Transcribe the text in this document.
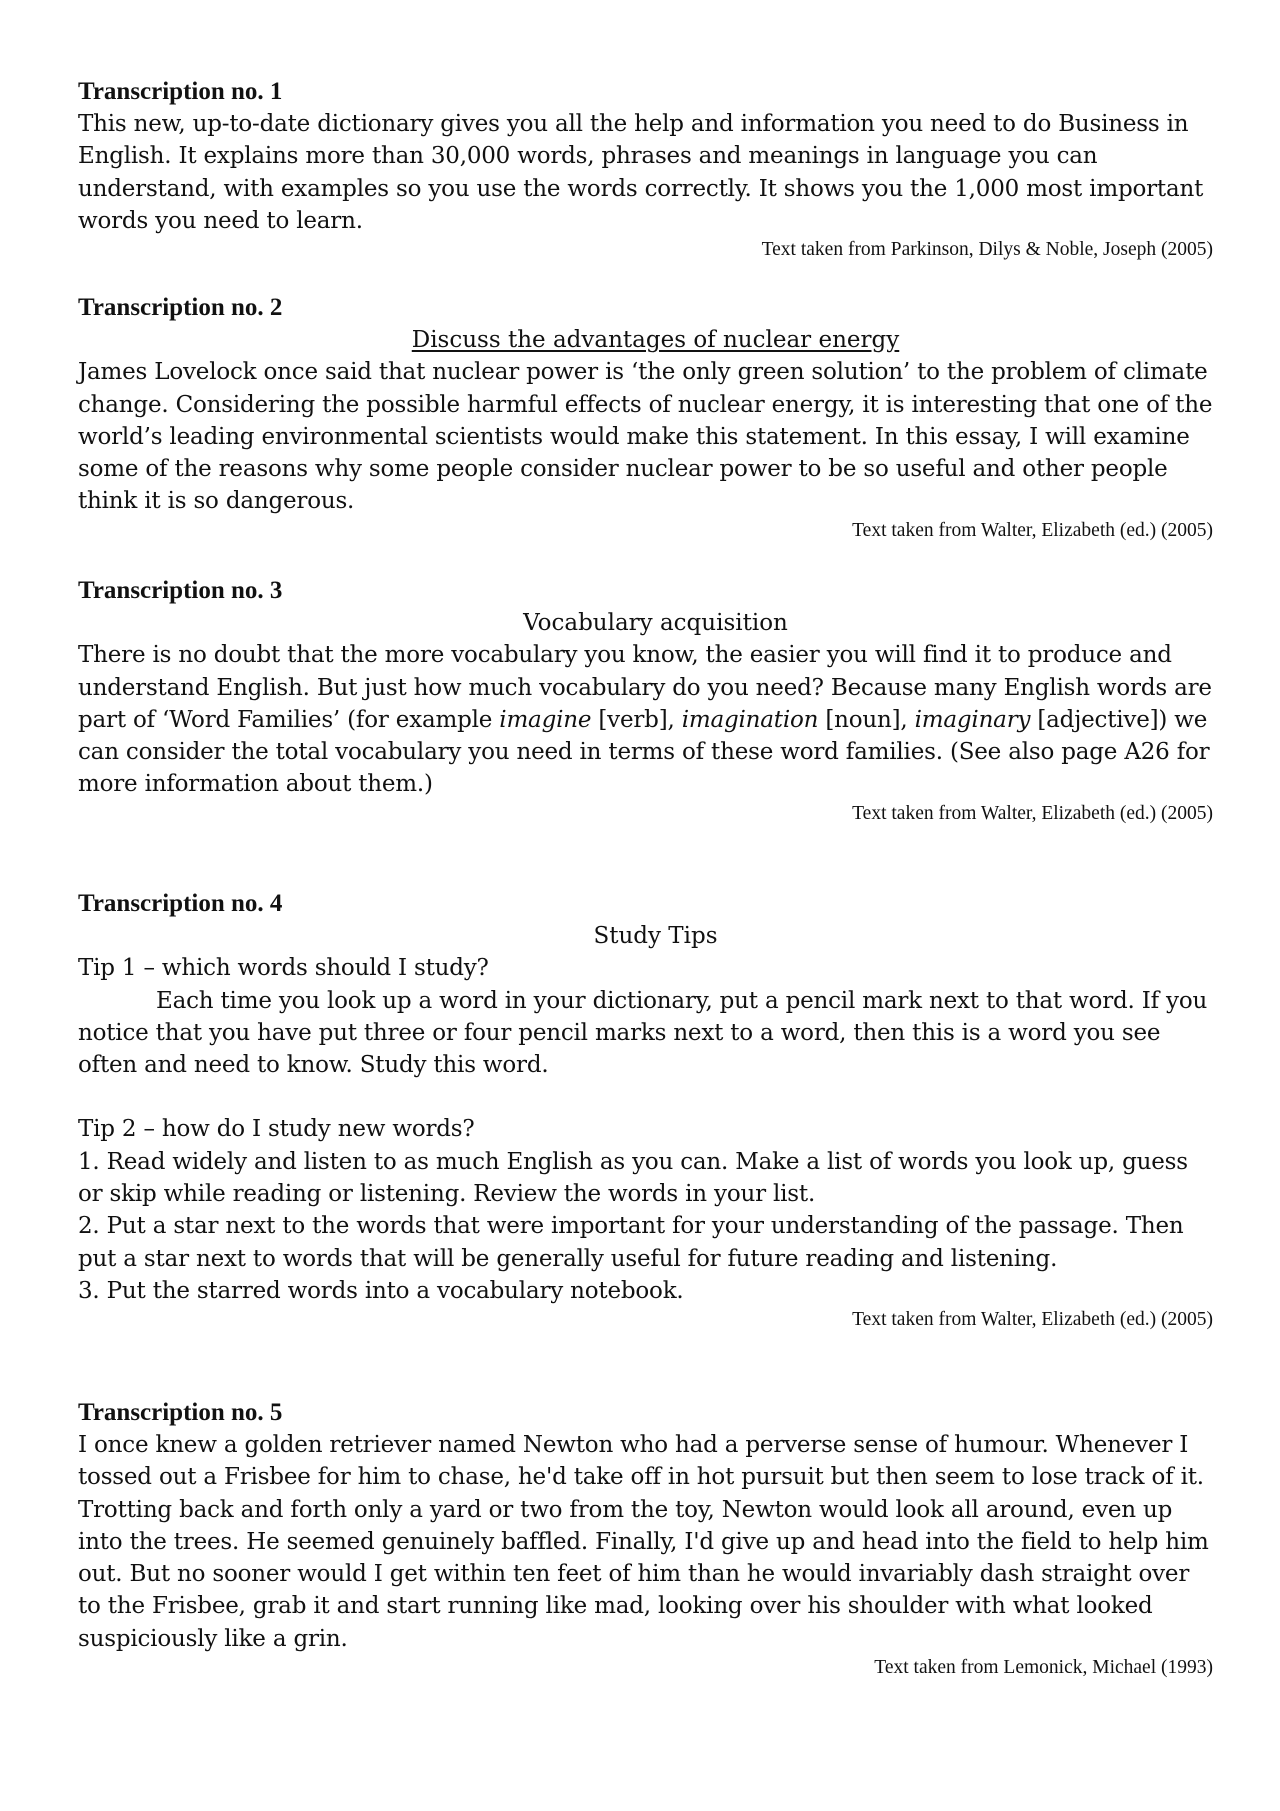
Transcription no. 1

This new, up-to-date dictionary gives you all the help and information you need to do Business in English. It explains more than 30,000 words, phrases and meanings in language you can understand, with examples so you use the words correctly. It shows you the 1,000 most important words you need to learn.

Text taken from Parkinson, Dilys & Noble, Joseph (2005)

Transcription no. 2

Discuss the advantages of nuclear energy

James Lovelock once said that nuclear power is ‘the only green solution’ to the problem of climate change. Considering the possible harmful effects of nuclear energy, it is interesting that one of the world’s leading environmental scientists would make this statement. In this essay, I will examine some of the reasons why some people consider nuclear power to be so useful and other people think it is so dangerous.

Text taken from Walter, Elizabeth (ed.) (2005)

Transcription no. 3

Vocabulary acquisition

There is no doubt that the more vocabulary you know, the easier you will find it to produce and understand English. But just how much vocabulary do you need? Because many English words are part of ‘Word Families’ (for example imagine [verb], imagination [noun], imaginary [adjective]) we can consider the total vocabulary you need in terms of these word families. (See also page A26 for more information about them.)

Text taken from Walter, Elizabeth (ed.) (2005)

Transcription no. 4

Study Tips

Tip 1 – which words should I study?

Each time you look up a word in your dictionary, put a pencil mark next to that word. If you notice that you have put three or four pencil marks next to a word, then this is a word you see often and need to know. Study this word.

Tip 2 – how do I study new words?

1. Read widely and listen to as much English as you can. Make a list of words you look up, guess or skip while reading or listening. Review the words in your list.

2. Put a star next to the words that were important for your understanding of the passage. Then put a star next to words that will be generally useful for future reading and listening.

3. Put the starred words into a vocabulary notebook.

Text taken from Walter, Elizabeth (ed.) (2005)

Transcription no. 5

I once knew a golden retriever named Newton who had a perverse sense of humour. Whenever I tossed out a Frisbee for him to chase, he'd take off in hot pursuit but then seem to lose track of it. Trotting back and forth only a yard or two from the toy, Newton would look all around, even up into the trees. He seemed genuinely baffled. Finally, I'd give up and head into the field to help him out. But no sooner would I get within ten feet of him than he would invariably dash straight over to the Frisbee, grab it and start running like mad, looking over his shoulder with what looked suspiciously like a grin.

Text taken from Lemonick, Michael (1993)
